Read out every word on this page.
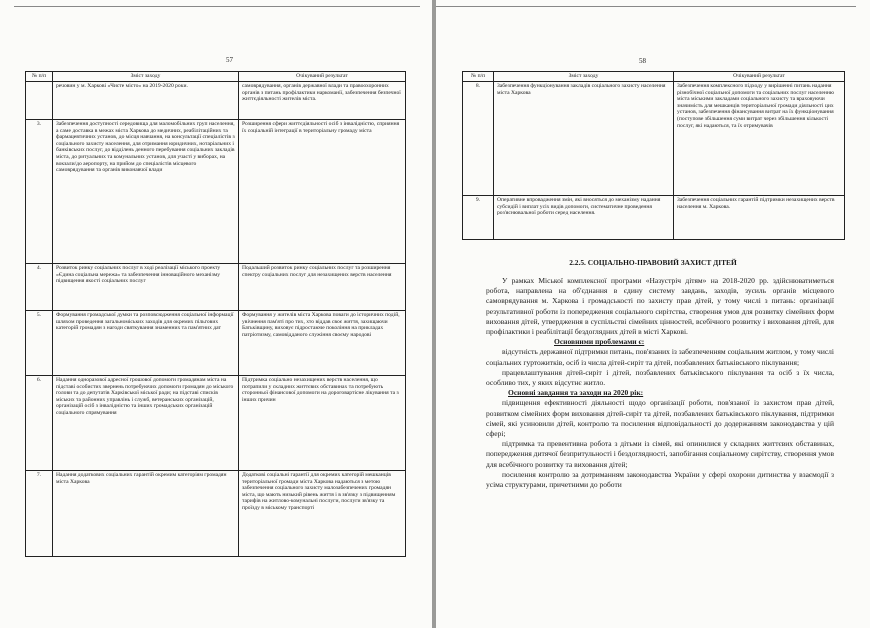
57
№ п/п	Зміст заходу	Очікуваний результат
	речовин у м. Харкові «Чисте місто» на 2019-2020 роки.	самоврядування, органів державної влади та правоохоронних органів з питань профілактики наркоманії, забезпечення безпечної життєдіяльності жителів міста.
3.	Забезпечення доступності середовища для маломобільних груп населення, а саме доставка в межах міста Харкова до медичних, реабілітаційних та фармацевтичних установ, до місця навчання, на консультації спеціалістів з соціального захисту населення, для отримання юридичних, нотаріальних і банківських послуг, до відділень денного перебування соціальних закладів міста, до ритуальних та комунальних установ, для участі у виборах, на вокзали/до аеропорту, на прийом до спеціалістів місцевого самоврядування та органів виконавчої влади	Розширення сфери життєдіяльності осіб з інвалідністю, сприяння їх соціальній інтеграції в територіальну громаду міста
4.	Розвиток ринку соціальних послуг в ході реалізації міського проекту «Єдина соціальна мережа» та забезпечення інноваційного механізму підвищення якості соціальних послуг	Подальший розвиток ринку соціальних послуг та розширення спектру соціальних послуг для незахищених верств населення
5.	Формування громадської думки та розповсюдження соціальної інформації шляхом проведення загальноміських заходів для окремих пільгових категорій громадян з нагоди святкування знаменних та пам'ятних дат	Формування у жителів міста Харкова поваги до історичних подій, увічнення пам'яті про тих, хто віддав своє життя, захищаючи Батьківщину, виховує підростаюче покоління на прикладах патріотизму, самовідданого служіння своєму народові
6.	Надання одноразової адресної грошової допомоги громадянам міста на підставі особистих звернень потребуючих допомоги громадян до міського голови та до депутатів Харківської міської ради; на підставі списків міських та районних управлінь і служб, ветеранських організацій, організацій осіб з інвалідністю та інших громадських організацій соціального спрямування	Підтримка соціально незахищених верств населення, що потрапили у складних життєвих обставинах та потребують сторонньої фінансової допомоги на дороговартісне лікування та з інших причин
7.	Надання додаткових соціальних гарантій окремим категоріям громадян міста Харкова	Додаткові соціальні гарантії для окремих категорій мешканців територіальної громади міста Харкова надаються з метою забезпечення соціального захисту малозабезпечених громадян міста, що мають низький рівень життя і в зв'язку з підвищенням тарифів на житлово-комунальні послуги, послуги зв'язку та проїзду в міському транспорті
58
№ п/п	Зміст заходу	Очікуваний результат
8.	Забезпечення функціонування закладів соціального захисту населення міста Харкова	Забезпечення комплексного підходу у вирішенні питань надання різнобічної соціальної допомоги та соціальних послуг населенню міста міськими закладами соціального захисту та враховуючи значимість для мешканців територіальної громади діяльності цих установ, забезпечення фінансування витрат на їх функціонування (поступове збільшення суми витрат через збільшення кількості послуг, які надаються, та їх отримувачів
9.	Оперативне впровадження змін, які вносяться до механізму надання субсидій і виплат усіх видів допомоги, систематичне проведення роз'яснювальної роботи серед населення.	Забезпечення соціальних гарантій підтримки незахищених верств населення м. Харкова.
2.2.5. СОЦІАЛЬНО-ПРАВОВИЙ ЗАХИСТ ДІТЕЙ

У рамках Міської комплексної програми «Назустріч дітям» на 2018-2020 рр. здійснюватиметься робота, направлена на об'єднання в єдину систему завдань, заходів, зусиль органів місцевого самоврядування м. Харкова і громадськості по захисту прав дітей, у тому числі з питань: організації результативної роботи із попередження соціального сирітства, створення умов для розвитку сімейних форм виховання дітей, утвердження в суспільстві сімейних цінностей, всебічного розвитку і виховання дітей, для профілактики і реабілітації бездоглядних дітей в місті Харкові.

Основними проблемами є:

відсутність державної підтримки питань, пов'язаних із забезпеченням соціальним житлом, у тому числі соціальних гуртожитків, осіб із числа дітей-сиріт та дітей, позбавлених батьківського піклування;

працевлаштування дітей-сиріт і дітей, позбавлених батьківського піклування та осіб з їх числа, особливо тих, у яких відсутнє житло.

Основні завдання та заходи на 2020 рік:

підвищення ефективності діяльності щодо організації роботи, пов'язаної із захистом прав дітей, розвитком сімейних форм виховання дітей-сиріт та дітей, позбавлених батьківського піклування, підтримки сімей, які усиновили дітей, контролю та посилення відповідальності до додержанням законодавства у цій сфері;

підтримка та превентивна робота з дітьми із сімей, які опинилися у складних життєвих обставинах, попередження дитячої безпритульності і бездоглядності, запобігання соціальному сирітству, створення умов для всебічного розвитку та виховання дітей;

посилення контролю за дотриманням законодавства України у сфері охорони дитинства у взаємодії з усіма структурами, причетними до роботи
